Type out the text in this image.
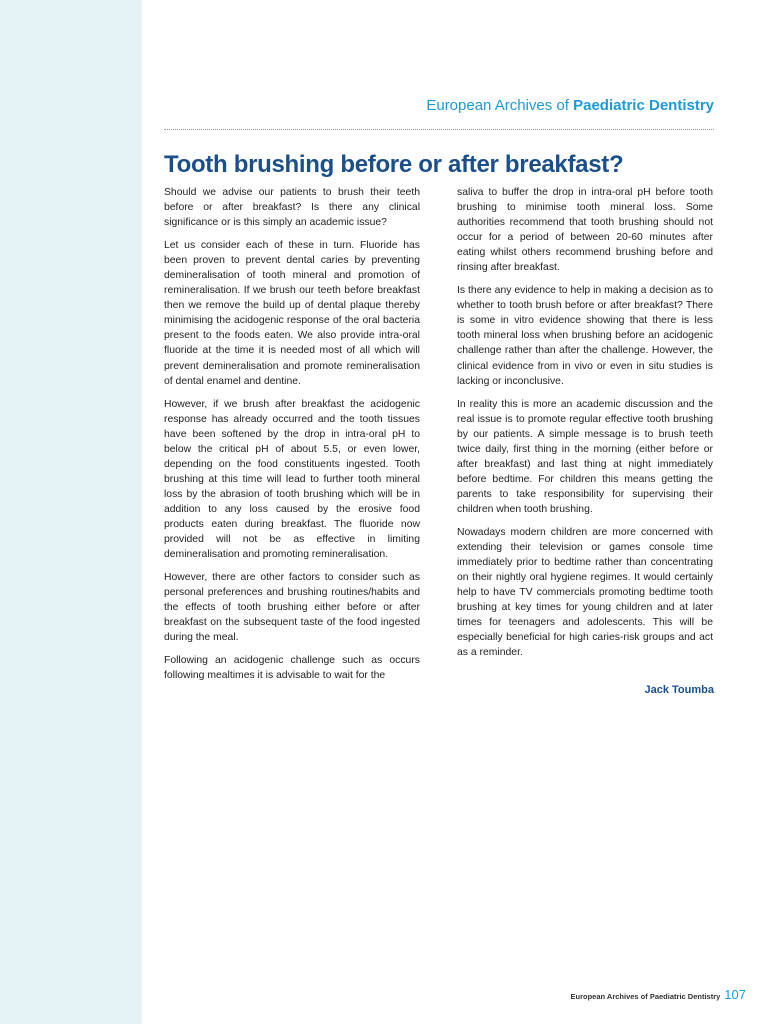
European Archives of Paediatric Dentistry
Tooth brushing before or after breakfast?

Should we advise our patients to brush their teeth before or after breakfast? Is there any clinical significance or is this simply an academic issue?

Let us consider each of these in turn. Fluoride has been proven to prevent dental caries by preventing demineralisation of tooth mineral and promotion of remineralisation. If we brush our teeth before breakfast then we remove the build up of dental plaque thereby minimising the acidogenic response of the oral bacteria present to the foods eaten. We also provide intra-oral fluoride at the time it is needed most of all which will prevent demineralisation and promote remineralisation of dental enamel and dentine.

However, if we brush after breakfast the acidogenic response has already occurred and the tooth tissues have been softened by the drop in intra-oral pH to below the critical pH of about 5.5, or even lower, depending on the food constituents ingested. Tooth brushing at this time will lead to further tooth mineral loss by the abrasion of tooth brushing which will be in addition to any loss caused by the erosive food products eaten during breakfast. The fluoride now provided will not be as effective in limiting demineralisation and promoting remineralisation.

However, there are other factors to consider such as personal preferences and brushing routines/habits and the effects of tooth brushing either before or after breakfast on the subsequent taste of the food ingested during the meal.

Following an acidogenic challenge such as occurs following mealtimes it is advisable to wait for the

saliva to buffer the drop in intra-oral pH before tooth brushing to minimise tooth mineral loss. Some authorities recommend that tooth brushing should not occur for a period of between 20-60 minutes after eating whilst others recommend brushing before and rinsing after breakfast.

Is there any evidence to help in making a decision as to whether to tooth brush before or after breakfast? There is some in vitro evidence showing that there is less tooth mineral loss when brushing before an acidogenic challenge rather than after the challenge. However, the clinical evidence from in vivo or even in situ studies is lacking or inconclusive.

In reality this is more an academic discussion and the real issue is to promote regular effective tooth brushing by our patients. A simple message is to brush teeth twice daily, first thing in the morning (either before or after breakfast) and last thing at night immediately before bedtime. For children this means getting the parents to take responsibility for supervising their children when tooth brushing.

Nowadays modern children are more concerned with extending their television or games console time immediately prior to bedtime rather than concentrating on their nightly oral hygiene regimes. It would certainly help to have TV commercials promoting bedtime tooth brushing at key times for young children and at later times for teenagers and adolescents. This will be especially beneficial for high caries-risk groups and act as a reminder.

Jack Toumba
European Archives of Paediatric Dentistry 107
